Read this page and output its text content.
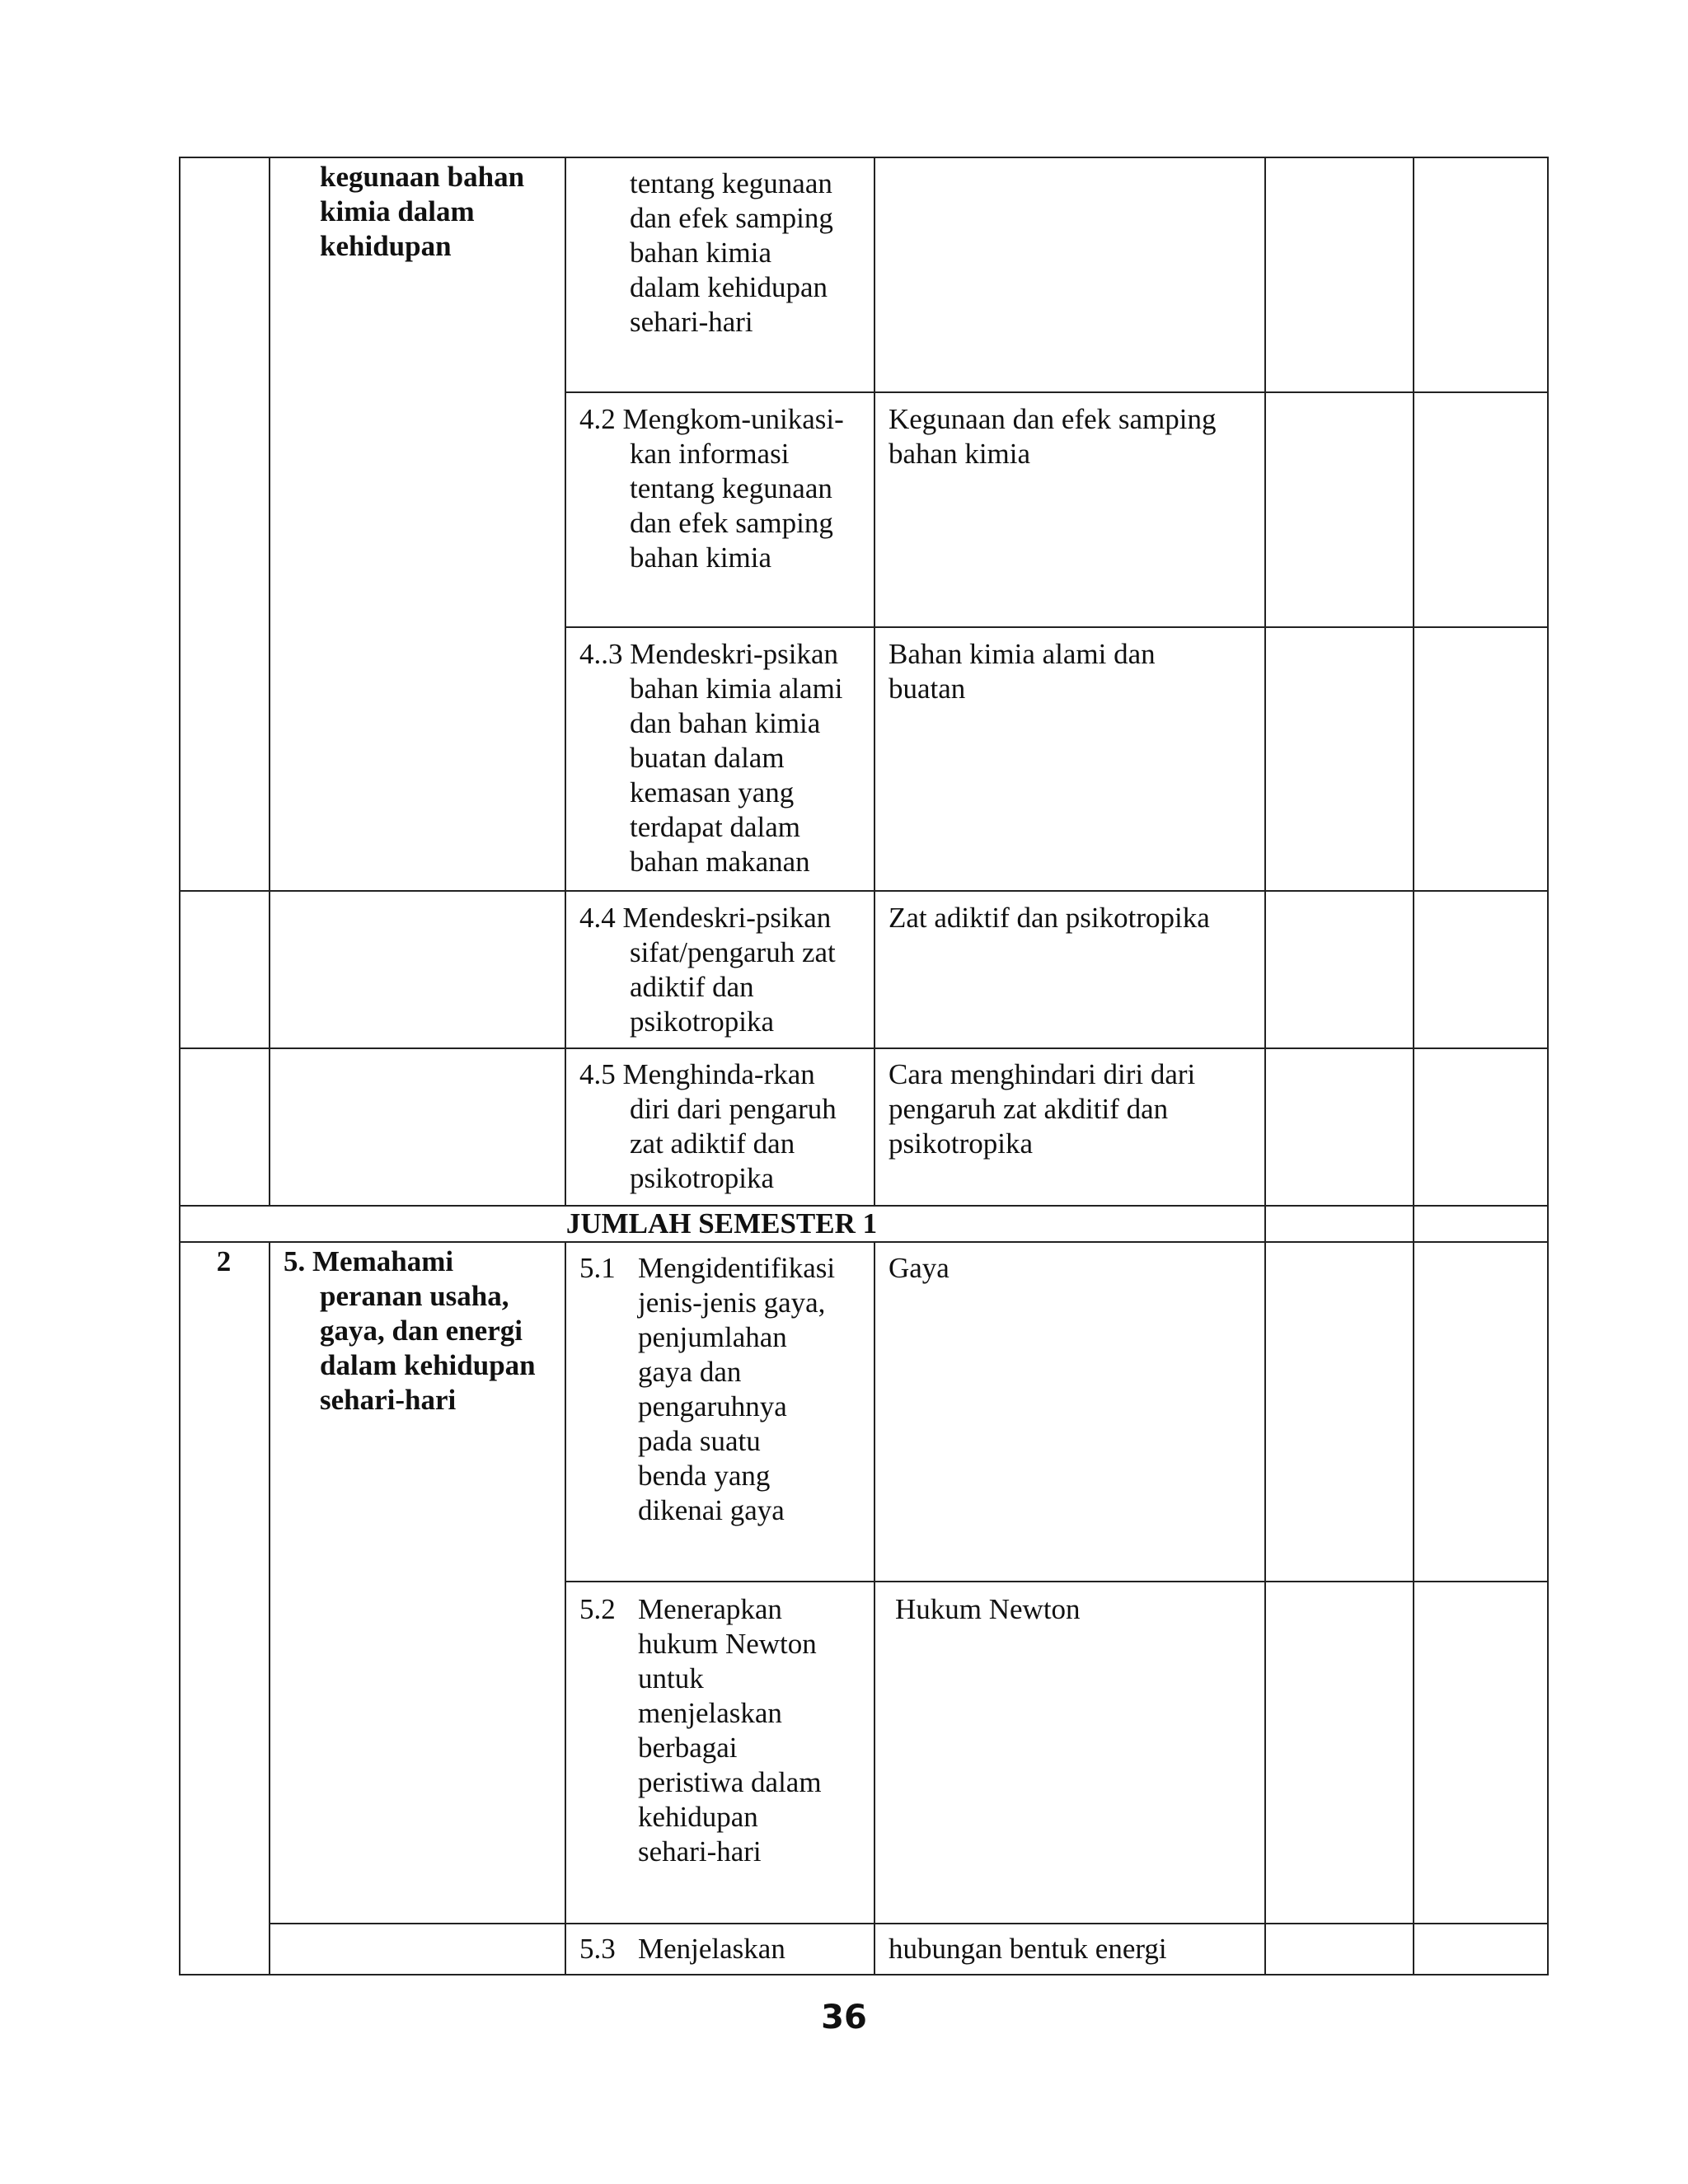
kegunaan bahan
kimia dalam
kehidupan
tentang kegunaan
dan efek samping
bahan kimia
dalam kehidupan
sehari-hari
4.2 Mengkom-unikasi-
kan informasi
tentang kegunaan
dan efek samping
bahan kimia
Kegunaan dan efek samping
bahan kimia
4..3 Mendeskri-psikan
bahan kimia alami
dan bahan kimia
buatan dalam
kemasan yang
terdapat dalam
bahan makanan
Bahan kimia alami dan
buatan
4.4 Mendeskri-psikan
sifat/pengaruh zat
adiktif dan
psikotropika
Zat adiktif dan psikotropika
4.5 Menghinda-rkan
diri dari pengaruh
zat adiktif dan
psikotropika
Cara menghindari diri dari
pengaruh zat akditif dan
psikotropika
JUMLAH SEMESTER 1
2	5. Memahami
peranan usaha,
gaya, dan energi
dalam kehidupan
sehari-hari
5.1 Mengidentifikasi
jenis-jenis gaya,
penjumlahan
gaya dan
pengaruhnya
pada suatu
benda yang
dikenai gaya
Gaya
5.2 Menerapkan
hukum Newton
untuk
menjelaskan
berbagai
peristiwa dalam
kehidupan
sehari-hari
Hukum Newton
5.3 Menjelaskan	hubungan bentuk energi
36
